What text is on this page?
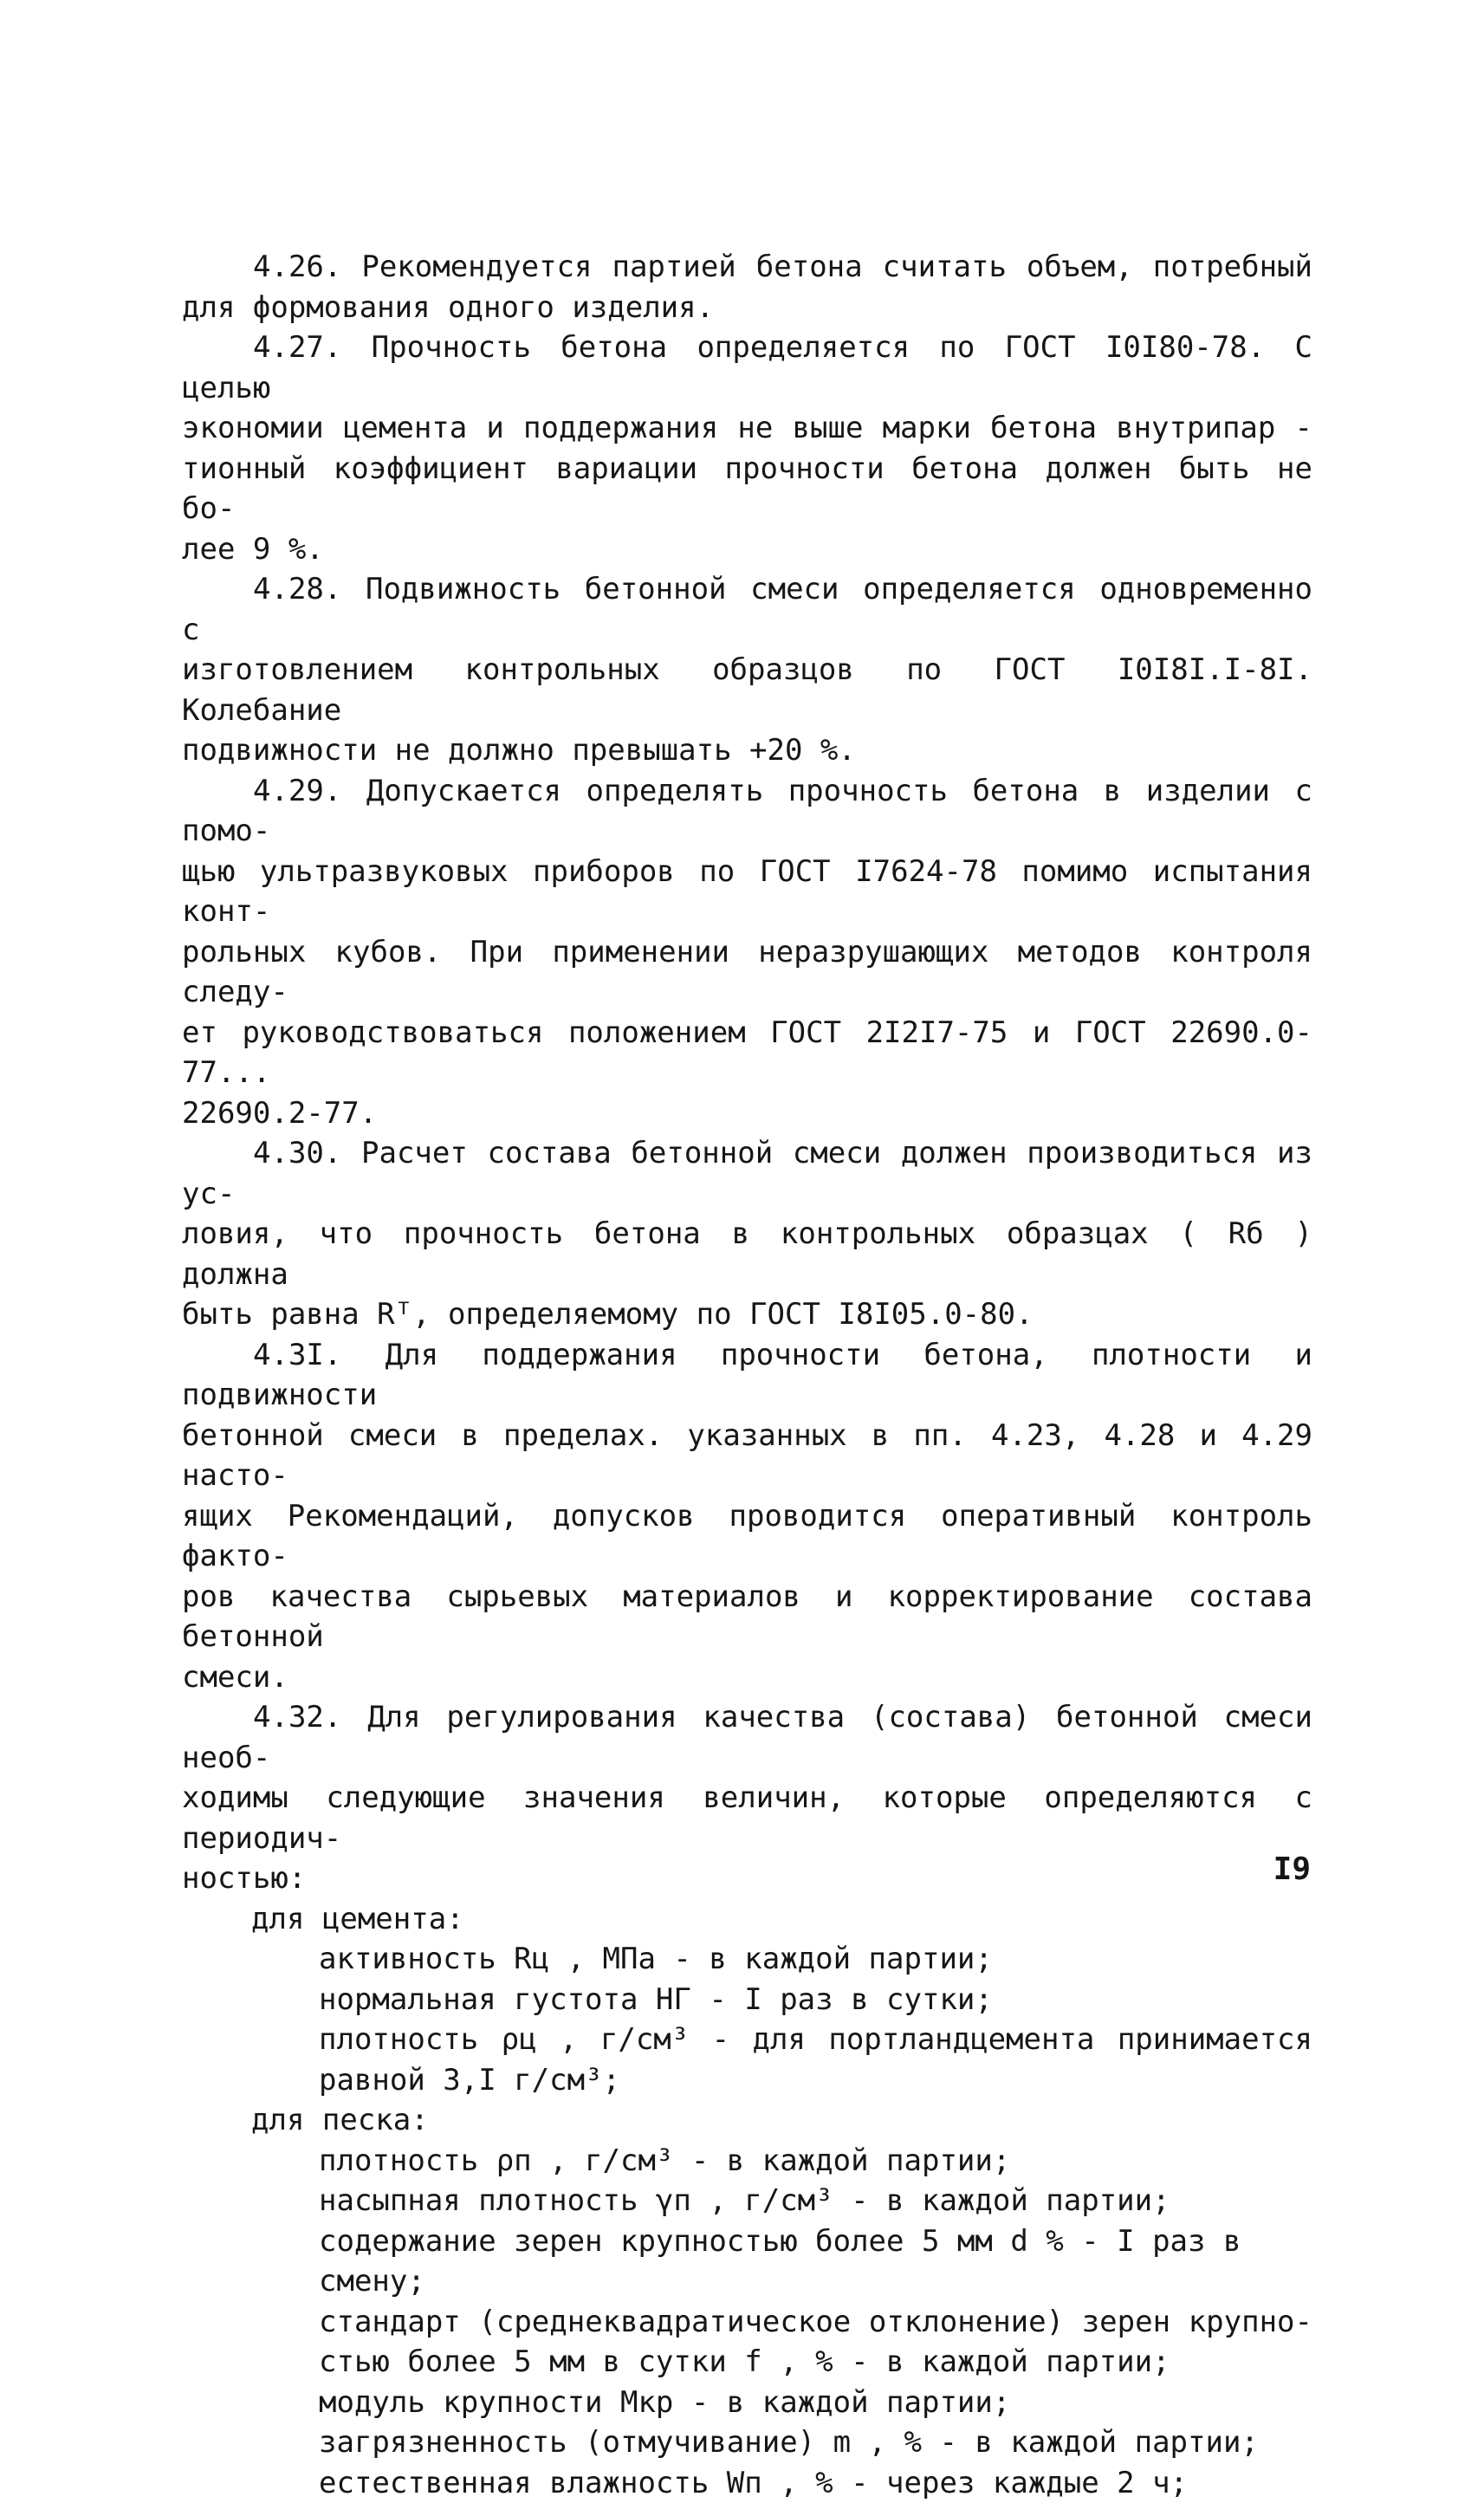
4.26. Рекомендуется партией бетона считать объем, потребный
для формования одного изделия.

4.27. Прочность бетона определяется по ГОСТ I0I80-78. С целью
экономии цемента и поддержания не выше марки бетона внутрипар -
тионный коэффициент вариации прочности бетона должен быть не бо-
лее 9 %.

4.28. Подвижность бетонной смеси определяется одновременно с
изготовлением контрольных образцов по ГОСТ I0I8I.I-8I. Колебание
подвижности не должно превышать +20 %.

4.29. Допускается определять прочность бетона в изделии с помо-
щью ультразвуковых приборов по ГОСТ I7624-78 помимо испытания конт-
рольных кубов. При применении неразрушающих методов контроля следу-
ет руководствоваться положением ГОСТ 2I2I7-75 и ГОСТ 22690.0-77...
22690.2-77.

4.30. Расчет состава бетонной смеси должен производиться из ус-
ловия, что прочность бетона в контрольных образцах ( Rб ) должна
быть равна Rᵀ, определяемому по ГОСТ I8I05.0-80.

4.3I. Для поддержания прочности бетона, плотности и подвижности
бетонной смеси в пределах. указанных в пп. 4.23, 4.28 и 4.29 насто-
ящих Рекомендаций, допусков проводится оперативный контроль факто-
ров качества сырьевых материалов и корректирование состава бетонной
смеси.

4.32. Для регулирования качества (состава) бетонной смеси необ-
ходимы следующие значения величин, которые определяются с периодич-
ностью:

для цемента:
активность Rц , МПа - в каждой партии;
нормальная густота НГ - I раз в сутки;
плотность ρц , г/см³ - для портландцемента принимается
равной 3,I г/см³;
для песка:
плотность ρп , г/см³ - в каждой партии;
насыпная плотность γп , г/см³ - в каждой партии;
содержание зерен крупностью более 5 мм d % - I раз в смену;
стандарт (среднеквадратическое отклонение) зерен крупно-
стью более 5 мм в сутки f , % - в каждой партии;
модуль крупности Мкр - в каждой партии;
загрязненность (отмучивание) m , % - в каждой партии;
естественная влажность Wп , % - через каждые 2 ч;
I9
